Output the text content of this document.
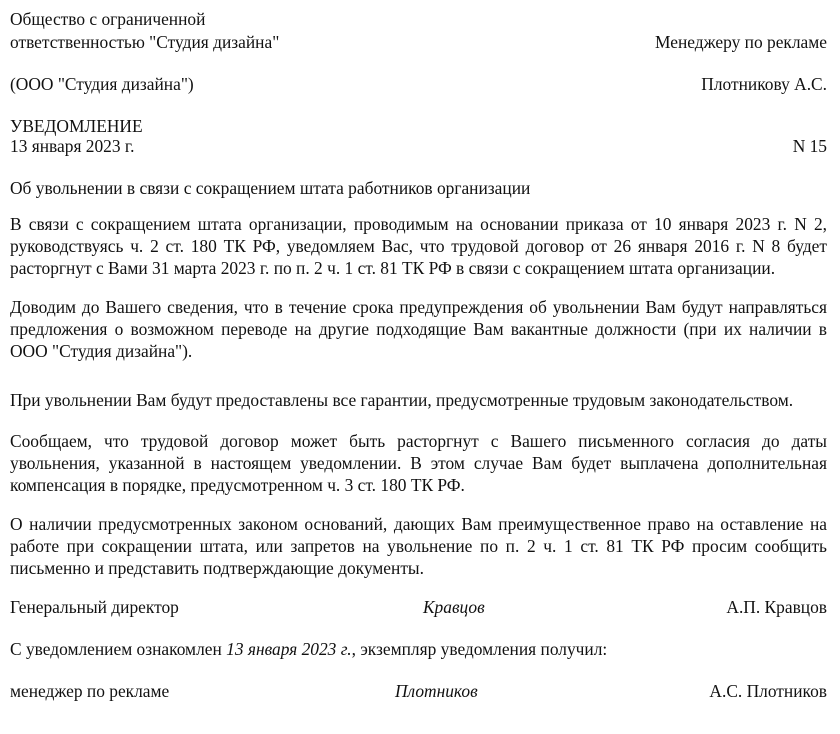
Общество с ограниченной
ответственностью "Студия дизайна"	Менеджеру по рекламе
(ООО "Студия дизайна")	Плотникову А.С.
УВЕДОМЛЕНИЕ
13 января 2023 г.	N 15
Об увольнении в связи с сокращением штата работников организации
В связи с сокращением штата организации, проводимым на основании приказа от 10 января 2023 г. N 2, руководствуясь ч. 2 ст. 180 ТК РФ, уведомляем Вас, что трудовой договор от 26 января 2016 г. N 8 будет расторгнут с Вами 31 марта 2023 г. по п. 2 ч. 1 ст. 81 ТК РФ в связи с сокращением штата организации.
Доводим до Вашего сведения, что в течение срока предупреждения об увольнении Вам будут направляться предложения о возможном переводе на другие подходящие Вам вакантные должности (при их наличии в ООО "Студия дизайна").
При увольнении Вам будут предоставлены все гарантии, предусмотренные трудовым законодательством.
Сообщаем, что трудовой договор может быть расторгнут с Вашего письменного согласия до даты увольнения, указанной в настоящем уведомлении. В этом случае Вам будет выплачена дополнительная компенсация в порядке, предусмотренном ч. 3 ст. 180 ТК РФ.
О наличии предусмотренных законом оснований, дающих Вам преимущественное право на оставление на работе при сокращении штата, или запретов на увольнение по п. 2 ч. 1 ст. 81 ТК РФ просим сообщить письменно и представить подтверждающие документы.
Генеральный директор	Кравцов	А.П. Кравцов
С уведомлением ознакомлен 13 января 2023 г., экземпляр уведомления получил:
менеджер по рекламе	Плотников	А.С. Плотников
